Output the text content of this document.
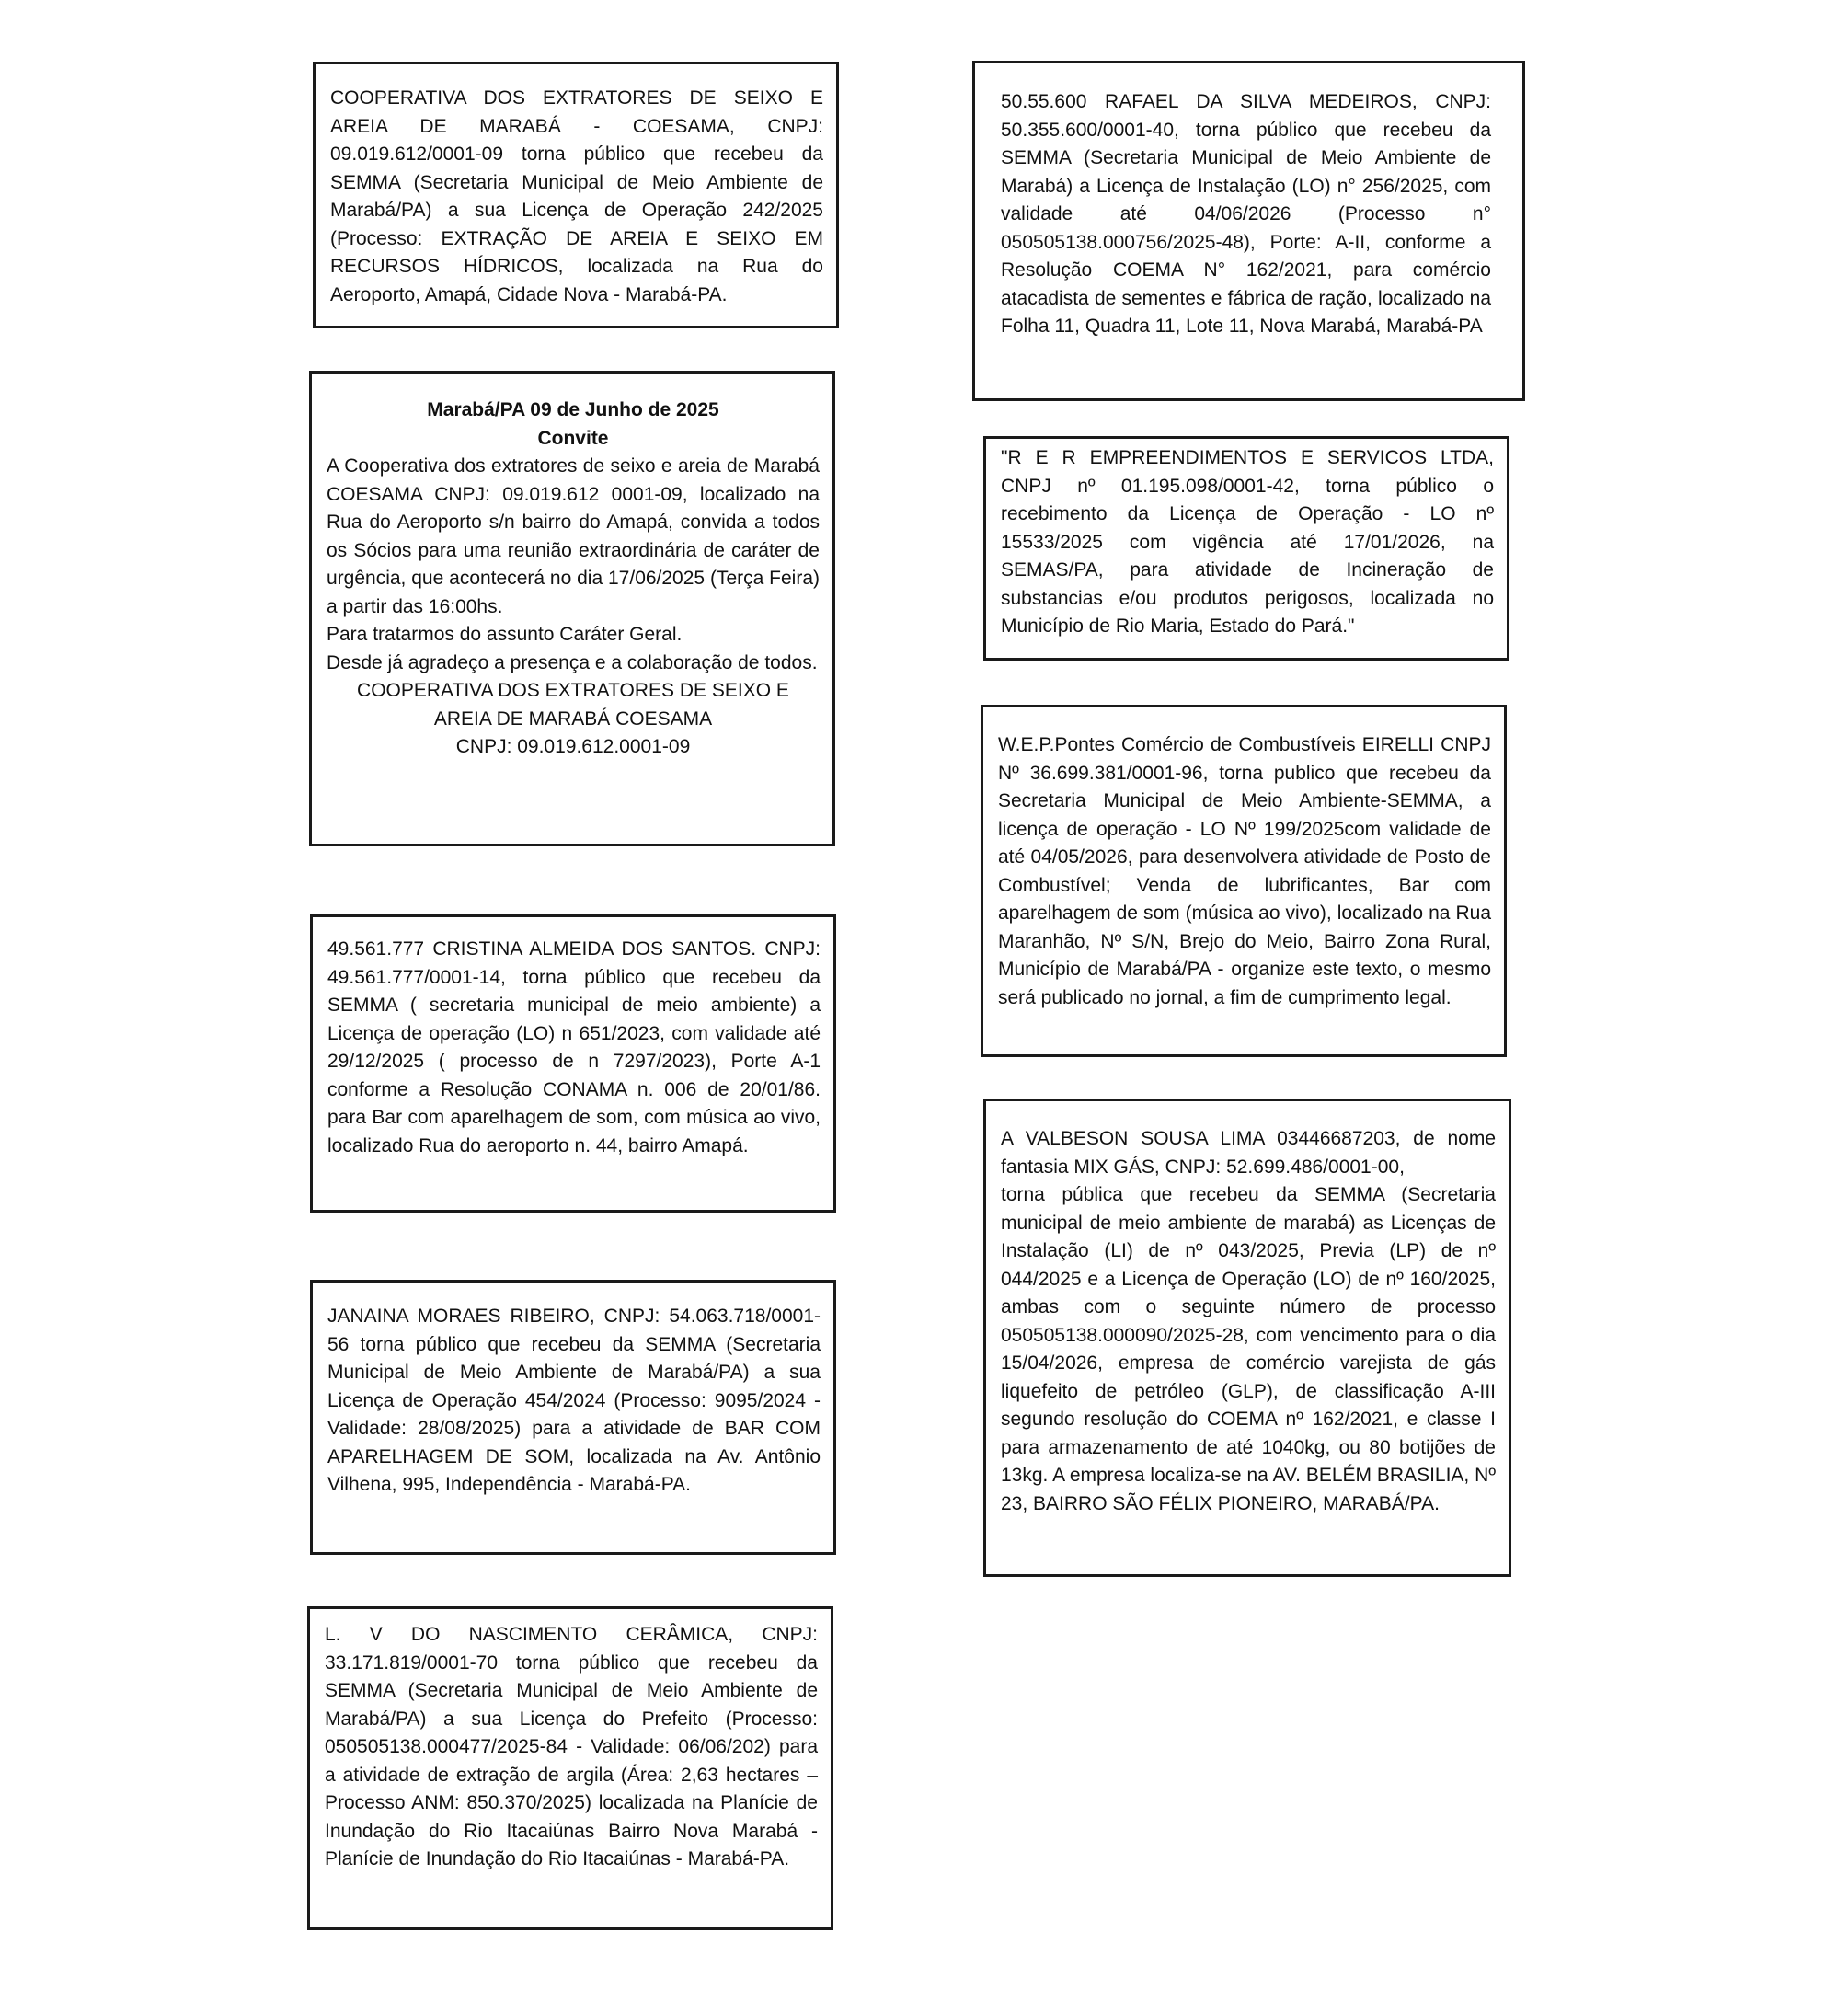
COOPERATIVA DOS EXTRATORES DE SEIXO E AREIA DE MARABÁ - COESAMA, CNPJ: 09.019.612/0001-09 torna público que recebeu da SEMMA (Secretaria Municipal de Meio Ambiente de Marabá/PA) a sua Licença de Operação 242/2025 (Processo: EXTRAÇÃO DE AREIA E SEIXO EM RECURSOS HÍDRICOS, localizada na Rua do Aeroporto, Amapá, Cidade Nova - Marabá-PA.

Marabá/PA 09 de Junho de 2025

Convite

A Cooperativa dos extratores de seixo e areia de Marabá COESAMA CNPJ: 09.019.612 0001-09, localizado na Rua do Aeroporto s/n bairro do Amapá, convida a todos os Sócios para uma reunião extraordinária de caráter de urgência, que acontecerá no dia 17/06/2025 (Terça Feira) a partir das 16:00hs.

Para tratarmos do assunto Caráter Geral.

Desde já agradeço a presença e a colaboração de todos.

COOPERATIVA DOS EXTRATORES DE SEIXO E AREIA DE MARABÁ COESAMA

CNPJ: 09.019.612.0001-09

49.561.777 CRISTINA ALMEIDA DOS SANTOS. CNPJ: 49.561.777/0001-14, torna público que recebeu da SEMMA ( secretaria municipal de meio ambiente) a Licença de operação (LO) n 651/2023, com validade até 29/12/2025 ( processo de n 7297/2023), Porte A-1 conforme a Resolução CONAMA n. 006 de 20/01/86. para Bar com aparelhagem de som, com música ao vivo, localizado Rua do aeroporto n. 44, bairro Amapá.

JANAINA MORAES RIBEIRO, CNPJ: 54.063.718/0001-56 torna público que recebeu da SEMMA (Secretaria Municipal de Meio Ambiente de Marabá/PA) a sua Licença de Operação 454/2024 (Processo: 9095/2024 - Validade: 28/08/2025) para a atividade de BAR COM APARELHAGEM DE SOM, localizada na Av. Antônio Vilhena, 995, Independência - Marabá-PA.

L. V DO NASCIMENTO CERÂMICA, CNPJ: 33.171.819/0001-70 torna público que recebeu da SEMMA (Secretaria Municipal de Meio Ambiente de Marabá/PA) a sua Licença do Prefeito (Processo: 050505138.000477/2025-84 - Validade: 06/06/202) para a atividade de extração de argila (Área: 2,63 hectares – Processo ANM: 850.370/2025) localizada na Planície de Inundação do Rio Itacaiúnas Bairro Nova Marabá - Planície de Inundação do Rio Itacaiúnas - Marabá-PA.

50.55.600 RAFAEL DA SILVA MEDEIROS, CNPJ: 50.355.600/0001-40, torna público que recebeu da SEMMA (Secretaria Municipal de Meio Ambiente de Marabá) a Licença de Instalação (LO) n° 256/2025, com validade até 04/06/2026 (Processo n° 050505138.000756/2025-48), Porte: A-II, conforme a Resolução COEMA N° 162/2021, para comércio atacadista de sementes e fábrica de ração, localizado na Folha 11, Quadra 11, Lote 11, Nova Marabá, Marabá-PA

"R E R EMPREENDIMENTOS E SERVICOS LTDA, CNPJ nº 01.195.098/0001-42, torna público o recebimento da Licença de Operação - LO nº 15533/2025 com vigência até 17/01/2026, na SEMAS/PA, para atividade de Incineração de substancias e/ou produtos perigosos, localizada no Município de Rio Maria, Estado do Pará."

W.E.P.Pontes Comércio de Combustíveis EIRELLI CNPJ Nº 36.699.381/0001-96, torna publico que recebeu da Secretaria Municipal de Meio Ambiente-SEMMA, a licença de operação - LO Nº 199/2025com validade de até 04/05/2026, para desenvolvera atividade de Posto de Combustível; Venda de lubrificantes, Bar com aparelhagem de som (música ao vivo), localizado na Rua Maranhão, Nº S/N, Brejo do Meio, Bairro Zona Rural, Município de Marabá/PA - organize este texto, o mesmo será publicado no jornal, a fim de cumprimento legal.

A VALBESON SOUSA LIMA 03446687203, de nome fantasia MIX GÁS, CNPJ: 52.699.486/0001-00,

torna pública que recebeu da SEMMA (Secretaria municipal de meio ambiente de marabá) as Licenças de Instalação (LI) de nº 043/2025, Previa (LP) de nº 044/2025 e a Licença de Operação (LO) de nº 160/2025, ambas com o seguinte número de processo 050505138.000090/2025-28, com vencimento para o dia 15/04/2026, empresa de comércio varejista de gás liquefeito de petróleo (GLP), de classificação A-III segundo resolução do COEMA nº 162/2021, e classe I para armazenamento de até 1040kg, ou 80 botijões de 13kg. A empresa localiza-se na AV. BELÉM BRASILIA, Nº 23, BAIRRO SÃO FÉLIX PIONEIRO, MARABÁ/PA.
